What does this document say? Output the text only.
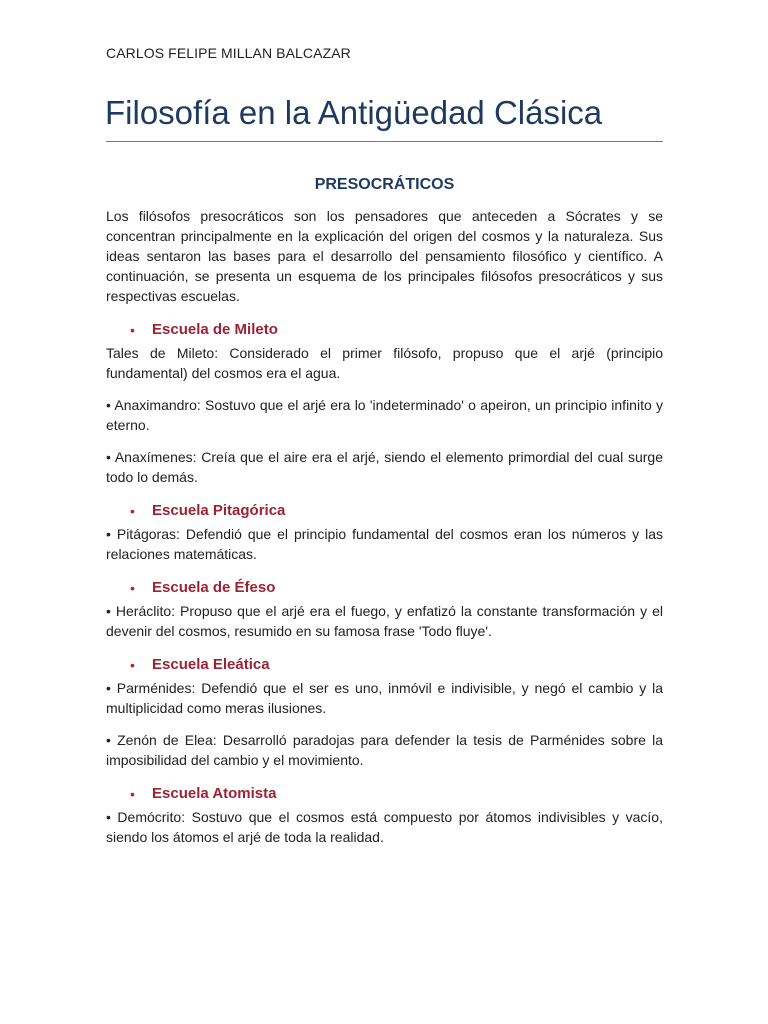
CARLOS FELIPE MILLAN BALCAZAR
Filosofía en la Antigüedad Clásica
PRESOCRÁTICOS

Los filósofos presocráticos son los pensadores que anteceden a Sócrates y se concentran principalmente en la explicación del origen del cosmos y la naturaleza. Sus ideas sentaron las bases para el desarrollo del pensamiento filosófico y científico. A continuación, se presenta un esquema de los principales filósofos presocráticos y sus respectivas escuelas.

•	Escuela de Mileto

Tales de Mileto: Considerado el primer filósofo, propuso que el arjé (principio fundamental) del cosmos era el agua.

• Anaximandro: Sostuvo que el arjé era lo 'indeterminado' o apeiron, un principio infinito y eterno.

• Anaxímenes: Creía que el aire era el arjé, siendo el elemento primordial del cual surge todo lo demás.

•	Escuela Pitagórica

• Pitágoras: Defendió que el principio fundamental del cosmos eran los números y las relaciones matemáticas.

•	Escuela de Éfeso

• Heráclito: Propuso que el arjé era el fuego, y enfatizó la constante transformación y el devenir del cosmos, resumido en su famosa frase 'Todo fluye'.

•	Escuela Eleática

• Parménides: Defendió que el ser es uno, inmóvil e indivisible, y negó el cambio y la multiplicidad como meras ilusiones.

• Zenón de Elea: Desarrolló paradojas para defender la tesis de Parménides sobre la imposibilidad del cambio y el movimiento.

•	Escuela Atomista

• Demócrito: Sostuvo que el cosmos está compuesto por átomos indivisibles y vacío, siendo los átomos el arjé de toda la realidad.
